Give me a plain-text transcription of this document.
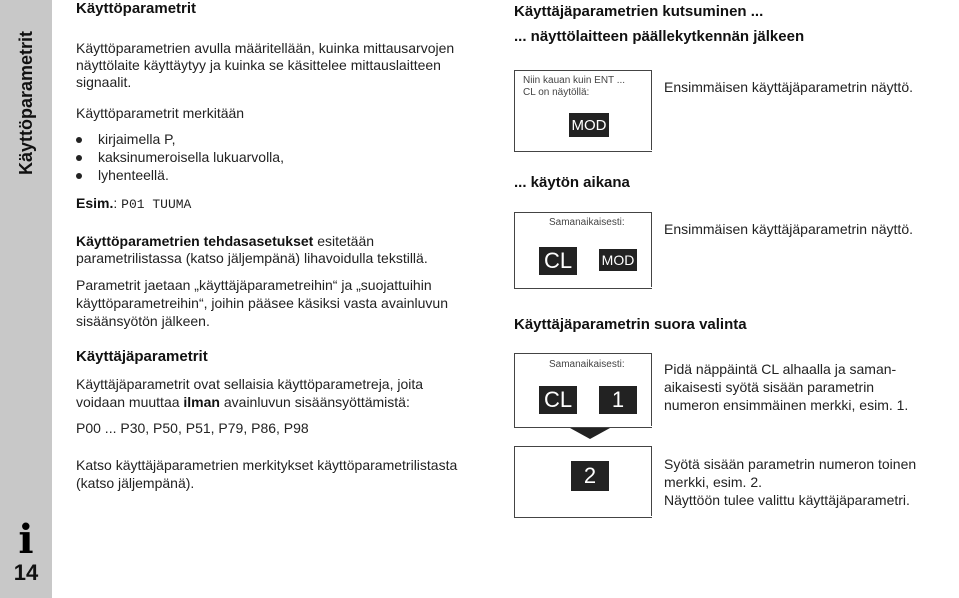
Käyttöparametrit
i
14
Käyttöparametrit
Käyttöparametrien avulla määritellään, kuinka mittausarvojen
näyttölaite käyttäytyy ja kuinka se käsittelee mittauslaitteen
signaalit.
Käyttöparametrit merkitään
kirjaimella P,
kaksinumeroisella lukuarvolla,
lyhenteellä.
Esim.: P01 TUUMA
Käyttöparametrien tehdasasetukset esitetään
parametrilistassa (katso jäljempänä) lihavoidulla tekstillä.
Parametrit jaetaan „käyttäjäparametreihin“ ja „suojattuihin
käyttöparametreihin“, joihin pääsee käsiksi vasta avainluvun
sisäänsyötön jälkeen.
Käyttäjäparametrit
Käyttäjäparametrit ovat sellaisia käyttöparametreja, joita
voidaan muuttaa ilman avainluvun sisäänsyöttämistä:
P00 ... P30, P50, P51, P79, P86, P98
Katso käyttäjäparametrien merkitykset käyttöparametrilistasta
(katso jäljempänä).
Käyttäjäparametrien kutsuminen ...
... näyttölaitteen päällekytkennän jälkeen
Niin kauan kuin ENT ...
CL on näytöllä:
MOD
Ensimmäisen käyttäjäparametrin näyttö.
... käytön aikana
Samanaikaisesti:
CL	MOD
Ensimmäisen käyttäjäparametrin näyttö.
Käyttäjäparametrin suora valinta
Samanaikaisesti:
CL	1
Pidä näppäintä CL alhaalla ja saman-
aikaisesti syötä sisään parametrin
numeron ensimmäinen merkki, esim. 1.
2	Syötä sisään parametrin numeron toinen
merkki, esim. 2.
Näyttöön tulee valittu käyttäjäparametri.
